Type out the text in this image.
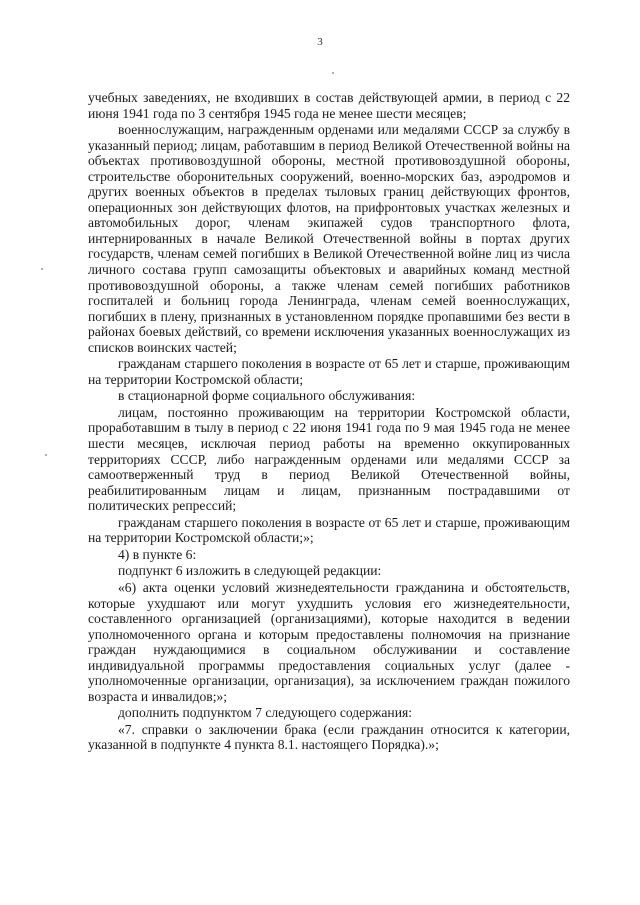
3

учебных заведениях, не входивших в состав действующей армии, в период с 22 июня 1941 года по 3 сентября 1945 года не менее шести месяцев;

военнослужащим, награжденным орденами или медалями СССР за службу в указанный период; лицам, работавшим в период Великой Отечественной войны на объектах противовоздушной обороны, местной противовоздушной обороны, строительстве оборонительных сооружений, военно-морских баз, аэродромов и других военных объектов в пределах тыловых границ действующих фронтов, операционных зон действующих флотов, на прифронтовых участках железных и автомобильных дорог, членам экипажей судов транспортного флота, интернированных в начале Великой Отечественной войны в портах других государств, членам семей погибших в Великой Отечественной войне лиц из числа личного состава групп самозащиты объектовых и аварийных команд местной противовоздушной обороны, а также членам семей погибших работников госпиталей и больниц города Ленинграда, членам семей военнослужащих, погибших в плену, признанных в установленном порядке пропавшими без вести в районах боевых действий, со времени исключения указанных военнослужащих из списков воинских частей;

гражданам старшего поколения в возрасте от 65 лет и старше, проживающим на территории Костромской области;

в стационарной форме социального обслуживания:

лицам, постоянно проживающим на территории Костромской области, проработавшим в тылу в период с 22 июня 1941 года по 9 мая 1945 года не менее шести месяцев, исключая период работы на временно оккупированных территориях СССР, либо награжденным орденами или медалями СССР за самоотверженный труд в период Великой Отечественной войны, реабилитированным лицам и лицам, признанным пострадавшими от политических репрессий;

гражданам старшего поколения в возрасте от 65 лет и старше, проживающим на территории Костромской области;»;

4) в пункте 6:

подпункт 6 изложить в следующей редакции:

«6) акта оценки условий жизнедеятельности гражданина и обстоятельств, которые ухудшают или могут ухудшить условия его жизнедеятельности, составленного организацией (организациями), которые находится в ведении уполномоченного органа и которым предоставлены полномочия на признание граждан нуждающимися в социальном обслуживании и составление индивидуальной программы предоставления социальных услуг (далее - уполномоченные организации, организация), за исключением граждан пожилого возраста и инвалидов;»;

дополнить подпунктом 7 следующего содержания:

«7. справки о заключении брака (если гражданин относится к категории, указанной в подпункте 4 пункта 8.1. настоящего Порядка).»;
